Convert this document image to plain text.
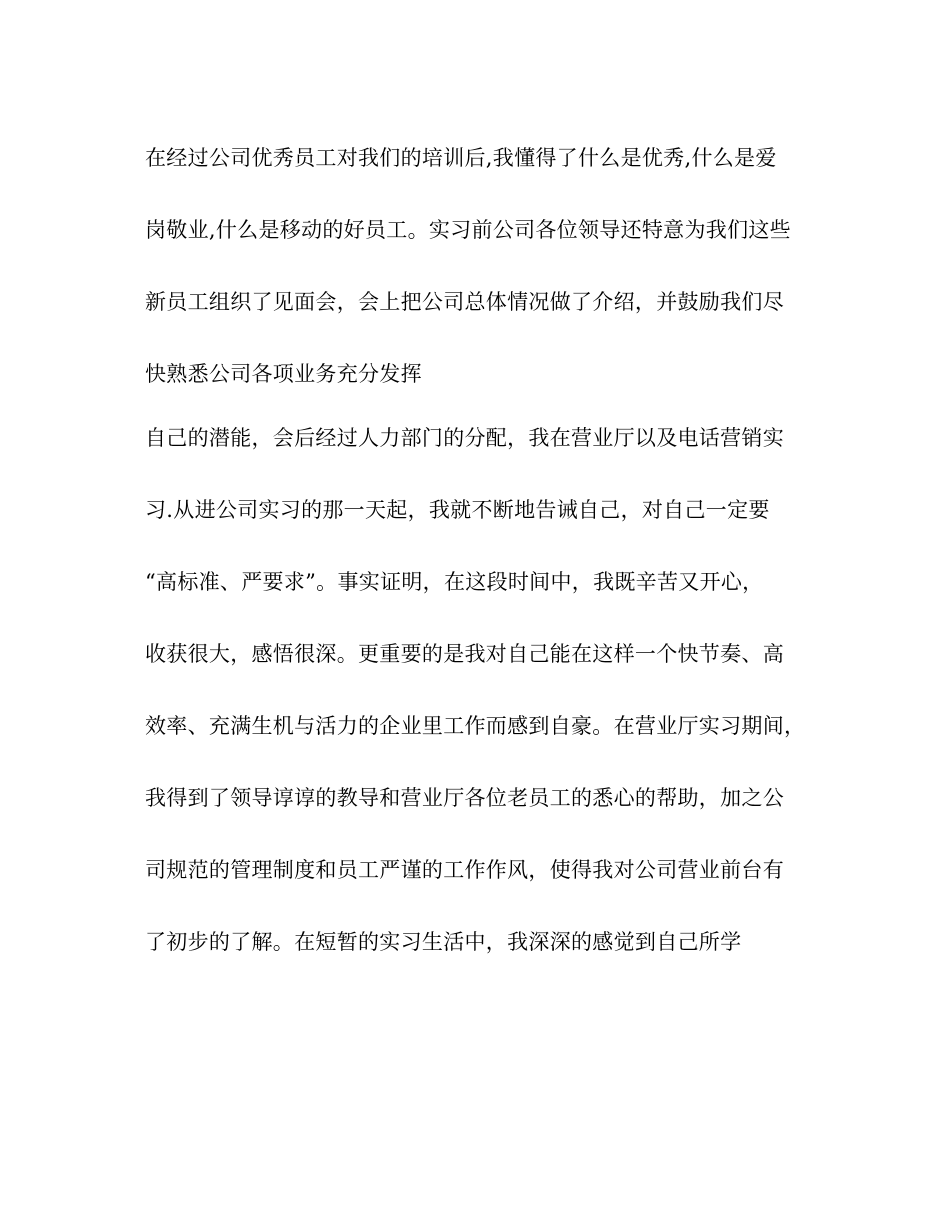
在经过公司优秀员工对我们的培训后,我懂得了什么是优秀,什么是爱
岗敬业,什么是移动的好员工。实习前公司各位领导还特意为我们这些
新员工组织了见面会，会上把公司总体情况做了介绍，并鼓励我们尽
快熟悉公司各项业务充分发挥
自己的潜能，会后经过人力部门的分配，我在营业厅以及电话营销实
习.从进公司实习的那一天起，我就不断地告诫自己，对自己一定要
“高标准、严要求”。事实证明，在这段时间中，我既辛苦又开心，
收获很大，感悟很深。更重要的是我对自己能在这样一个快节奏、高
效率、充满生机与活力的企业里工作而感到自豪。在营业厅实习期间，
我得到了领导谆谆的教导和营业厅各位老员工的悉心的帮助，加之公
司规范的管理制度和员工严谨的工作作风，使得我对公司营业前台有
了初步的了解。在短暂的实习生活中，我深深的感觉到自己所学
